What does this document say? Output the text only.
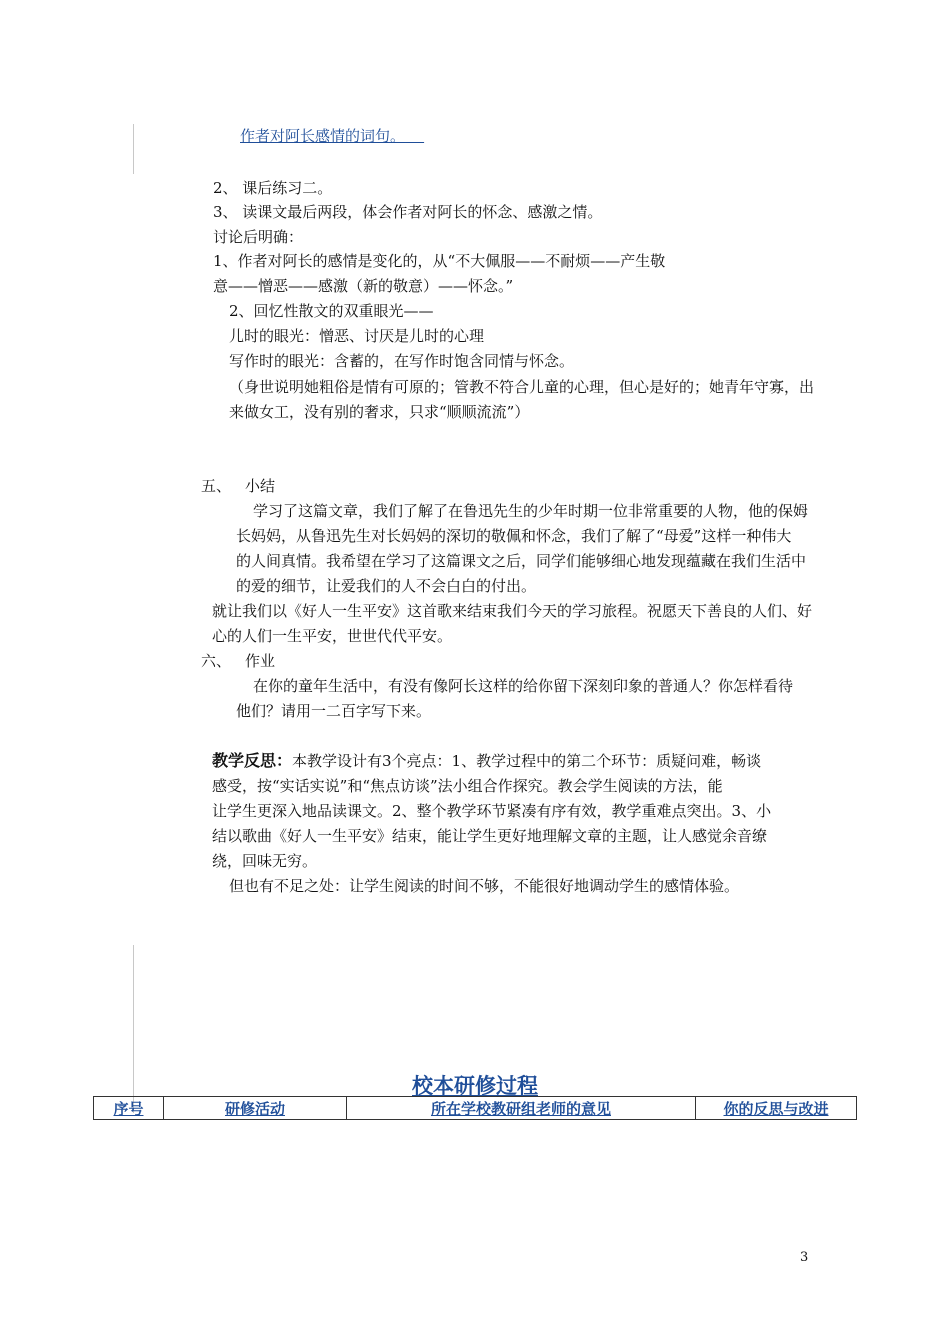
作者对阿长感情的词句。
2、 课后练习二。
3、 读课文最后两段，体会作者对阿长的怀念、感激之情。
讨论后明确：
1、作者对阿长的感情是变化的，从“不大佩服——不耐烦——产生敬
意——憎恶——感激（新的敬意）——怀念。”
2、回忆性散文的双重眼光——
儿时的眼光：憎恶、讨厌是儿时的心理
写作时的眼光：含蓄的，在写作时饱含同情与怀念。
（身世说明她粗俗是情有可原的；管教不符合儿童的心理，但心是好的；她青年守寡，出
来做女工，没有别的奢求，只求“顺顺流流”）
五、 小结
学习了这篇文章，我们了解了在鲁迅先生的少年时期一位非常重要的人物，他的保姆
长妈妈，从鲁迅先生对长妈妈的深切的敬佩和怀念，我们了解了“母爱”这样一种伟大
的人间真情。我希望在学习了这篇课文之后，同学们能够细心地发现蕴藏在我们生活中
的爱的细节，让爱我们的人不会白白的付出。
就让我们以《好人一生平安》这首歌来结束我们今天的学习旅程。祝愿天下善良的人们、好
心的人们一生平安，世世代代平安。
六、 作业
在你的童年生活中，有没有像阿长这样的给你留下深刻印象的普通人？你怎样看待
他们？请用一二百字写下来。
教学反思：本教学设计有3个亮点：1、教学过程中的第二个环节：质疑问难，畅谈
感受，按“实话实说”和“焦点访谈”法小组合作探究。教会学生阅读的方法，能
让学生更深入地品读课文。2、整个教学环节紧凑有序有效，教学重难点突出。3、小
结以歌曲《好人一生平安》结束，能让学生更好地理解文章的主题，让人感觉余音缭
绕，回味无穷。
但也有不足之处：让学生阅读的时间不够，不能很好地调动学生的感情体验。
校本研修过程
序号	研修活动	所在学校教研组老师的意见	你的反思与改进
3
